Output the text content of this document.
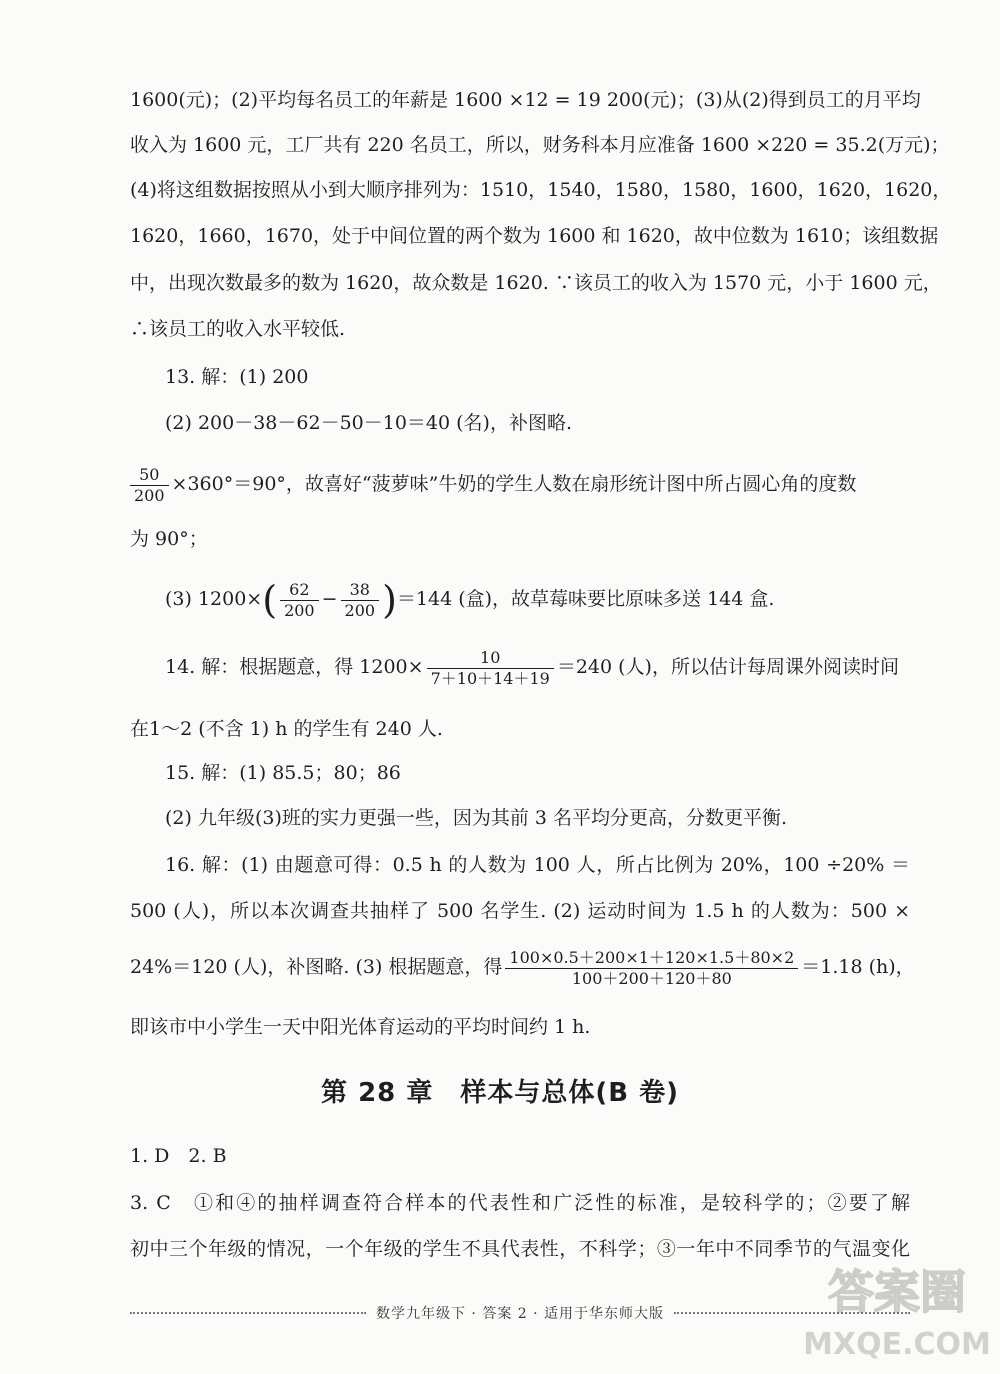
1600(元)；(2)平均每名员工的年薪是 1600 ×12 = 19 200(元)；(3)从(2)得到员工的月平均
收入为 1600 元，工厂共有 220 名员工，所以，财务科本月应准备 1600 ×220 = 35.2(万元)；
(4)将这组数据按照从小到大顺序排列为：1510，1540，1580，1580，1600，1620，1620，
1620，1660，1670，处于中间位置的两个数为 1600 和 1620，故中位数为 1610；该组数据
中，出现次数最多的数为 1620，故众数是 1620. ∵该员工的收入为 1570 元，小于 1600 元，
∴该员工的收入水平较低.
13. 解：(1) 200
(2) 200－38－62－50－10＝40 (名)，补图略.
$\frac{50}{200} \times 360^\circ=90^\circ$，故喜好“菠萝味”牛奶的学生人数在扇形统计图中所占圆心角的度数
为 90°；
(3) $1200\times( \frac{62}{200} - \frac{38}{200} )=144$ (盒)，故草莓味要比原味多送 144 盒.
14. 解：根据题意，得 $1200\times \frac{10}{7+10+14+19} =240$ (人)，所以估计每周课外阅读时间
在1～2 (不含 1) h 的学生有 240 人.
15. 解：(1) 85.5；80；86
(2) 九年级(3)班的实力更强一些，因为其前 3 名平均分更高，分数更平衡.
16. 解：(1) 由题意可得：0.5 h 的人数为 100 人，所占比例为 20%，100 ÷20% ＝
500 (人)，所以本次调查共抽样了 500 名学生. (2) 运动时间为 1.5 h 的人数为：500 ×
24%＝120 (人)，补图略. (3) 根据题意，得 $\frac{100\times 0.5+200\times 1+120\times 1.5+80\times 2}{100+200+120+80} =1.18$ (h)，
即该市中小学生一天中阳光体育运动的平均时间约 1 h.
第 28 章　样本与总体(B 卷)
1. D　2. B
3. C　①和④的抽样调查符合样本的代表性和广泛性的标准，是较科学的；②要了解
初中三个年级的情况，一个年级的学生不具代表性，不科学；③一年中不同季节的气温变化
数学九年级下 · 答案 2 · 适用于华东师大版	答案圈
MXQE.COM
